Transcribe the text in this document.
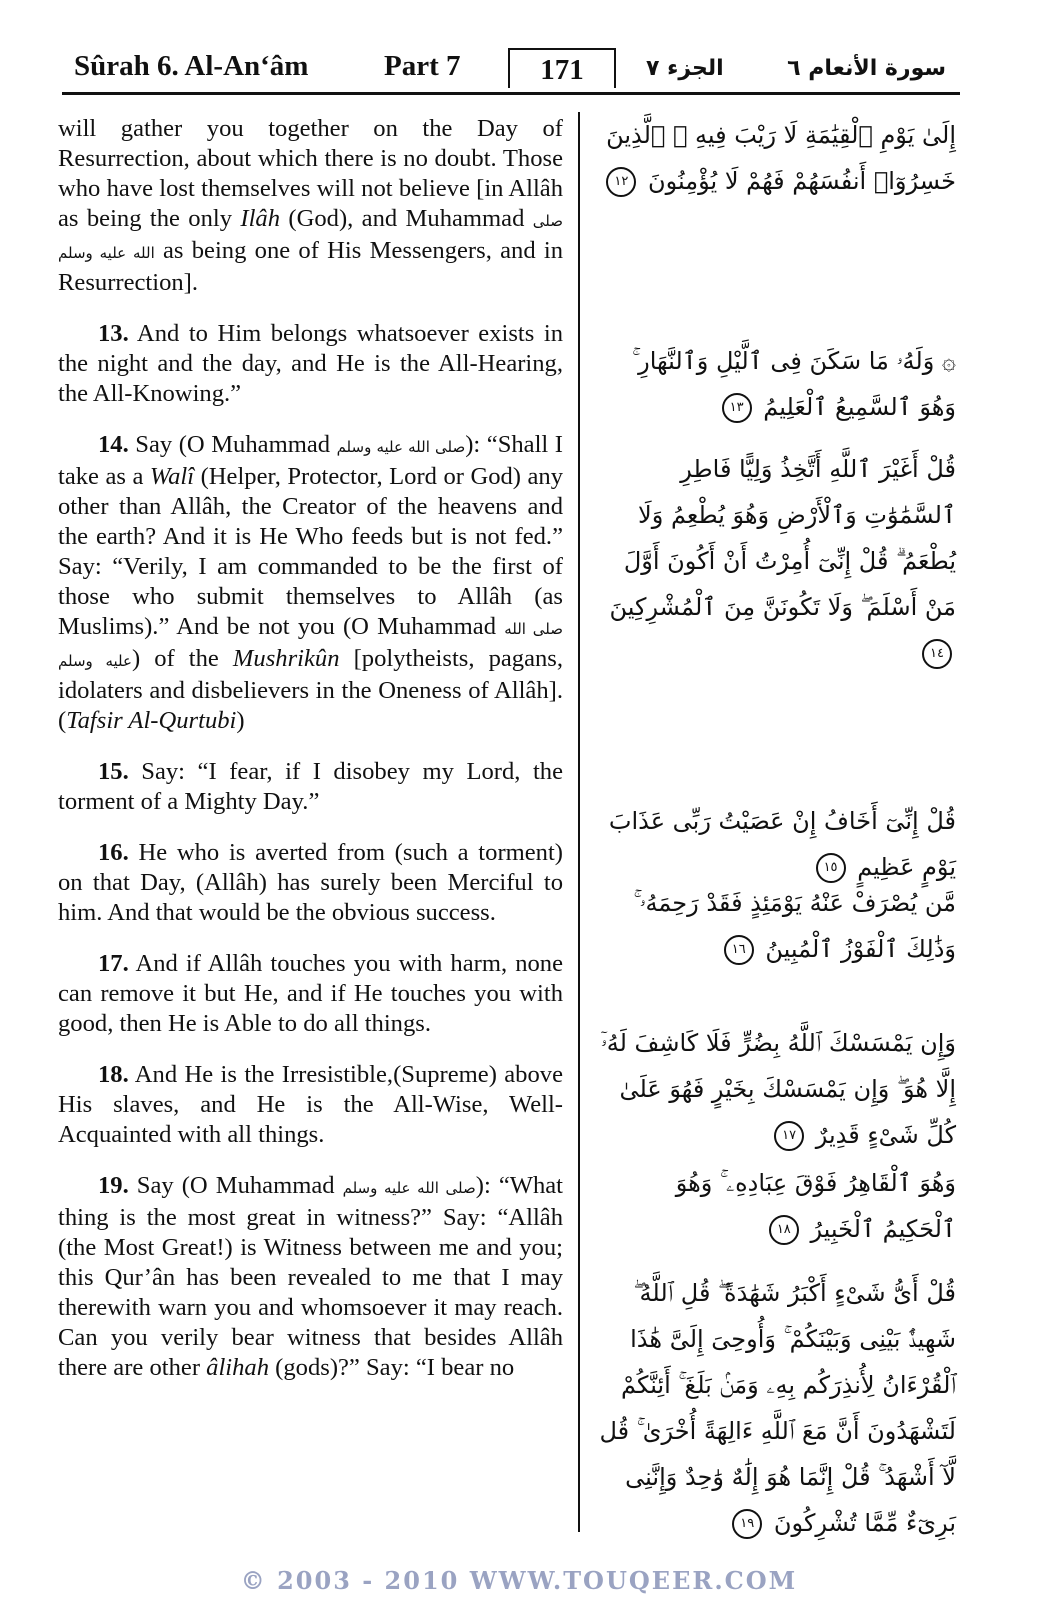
Sûrah 6. Al-An‘âm	Part 7	171	الجزء ٧	سورة الأنعام ٦

will gather you together on the Day of Resurrection, about which there is no doubt. Those who have lost themselves will not believe [in Allâh as being the only Ilâh (God), and Muhammad صلى الله عليه وسلم as being one of His Messengers, and in Resurrection].

13. And to Him belongs whatsoever exists in the night and the day, and He is the All-Hearing, the All-Knowing.”

14. Say (O Muhammad صلى الله عليه وسلم): “Shall I take as a Walî (Helper, Protector, Lord or God) any other than Allâh, the Creator of the heavens and the earth? And it is He Who feeds but is not fed.” Say: “Verily, I am commanded to be the first of those who submit themselves to Allâh (as Muslims).” And be not you (O Muhammad صلى الله عليه وسلم) of the Mushrikûn [polytheists, pagans, idolaters and disbelievers in the Oneness of Allâh]. (Tafsir Al-Qurtubi)

15. Say: “I fear, if I disobey my Lord, the torment of a Mighty Day.”

16. He who is averted from (such a torment) on that Day, (Allâh) has surely been Merciful to him. And that would be the obvious success.

17. And if Allâh touches you with harm, none can remove it but He, and if He touches you with good, then He is Able to do all things.

18. And He is the Irresistible,(Supreme) above His slaves, and He is the All-Wise, Well-Acquainted with all things.

19. Say (O Muhammad صلى الله عليه وسلم): “What thing is the most great in witness?” Say: “Allâh (the Most Great!) is Witness between me and you; this Qur’ân has been revealed to me that I may therewith warn you and whomsoever it may reach. Can you verily bear witness that besides Allâh there are other âlihah (gods)?” Say: “I bear no

إِلَىٰ يَوْمِ ٱلْقِيَٰمَةِ لَا رَيْبَ فِيهِ ۚ ٱلَّذِينَ خَسِرُوٓا۟ أَنفُسَهُمْ فَهُمْ لَا يُؤْمِنُونَ ١٢
۞ وَلَهُۥ مَا سَكَنَ فِى ٱلَّيْلِ وَٱلنَّهَارِ ۚ وَهُوَ ٱلسَّمِيعُ ٱلْعَلِيمُ ١٣
قُلْ أَغَيْرَ ٱللَّهِ أَتَّخِذُ وَلِيًّا فَاطِرِ ٱلسَّمَٰوَٰتِ وَٱلْأَرْضِ وَهُوَ يُطْعِمُ وَلَا يُطْعَمُ ۗ قُلْ إِنِّىٓ أُمِرْتُ أَنْ أَكُونَ أَوَّلَ مَنْ أَسْلَمَ ۖ وَلَا تَكُونَنَّ مِنَ ٱلْمُشْرِكِينَ ١٤
قُلْ إِنِّىٓ أَخَافُ إِنْ عَصَيْتُ رَبِّى عَذَابَ يَوْمٍ عَظِيمٍ ١٥
مَّن يُصْرَفْ عَنْهُ يَوْمَئِذٍ فَقَدْ رَحِمَهُۥ ۚ وَذَٰلِكَ ٱلْفَوْزُ ٱلْمُبِينُ ١٦
وَإِن يَمْسَسْكَ ٱللَّهُ بِضُرٍّ فَلَا كَاشِفَ لَهُۥٓ إِلَّا هُوَ ۖ وَإِن يَمْسَسْكَ بِخَيْرٍ فَهُوَ عَلَىٰ كُلِّ شَىْءٍ قَدِيرٌ ١٧
وَهُوَ ٱلْقَاهِرُ فَوْقَ عِبَادِهِۦ ۚ وَهُوَ ٱلْحَكِيمُ ٱلْخَبِيرُ ١٨
قُلْ أَىُّ شَىْءٍ أَكْبَرُ شَهَٰدَةً ۖ قُلِ ٱللَّهُ ۖ شَهِيدٌۢ بَيْنِى وَبَيْنَكُمْ ۚ وَأُوحِىَ إِلَىَّ هَٰذَا ٱلْقُرْءَانُ لِأُنذِرَكُم بِهِۦ وَمَنۢ بَلَغَ ۚ أَئِنَّكُمْ لَتَشْهَدُونَ أَنَّ مَعَ ٱللَّهِ ءَالِهَةً أُخْرَىٰ ۚ قُل لَّآ أَشْهَدُ ۚ قُلْ إِنَّمَا هُوَ إِلَٰهٌ وَٰحِدٌ وَإِنَّنِى بَرِىٓءٌ مِّمَّا تُشْرِكُونَ ١٩
© 2003 - 2010 WWW.TOUQEER.COM
